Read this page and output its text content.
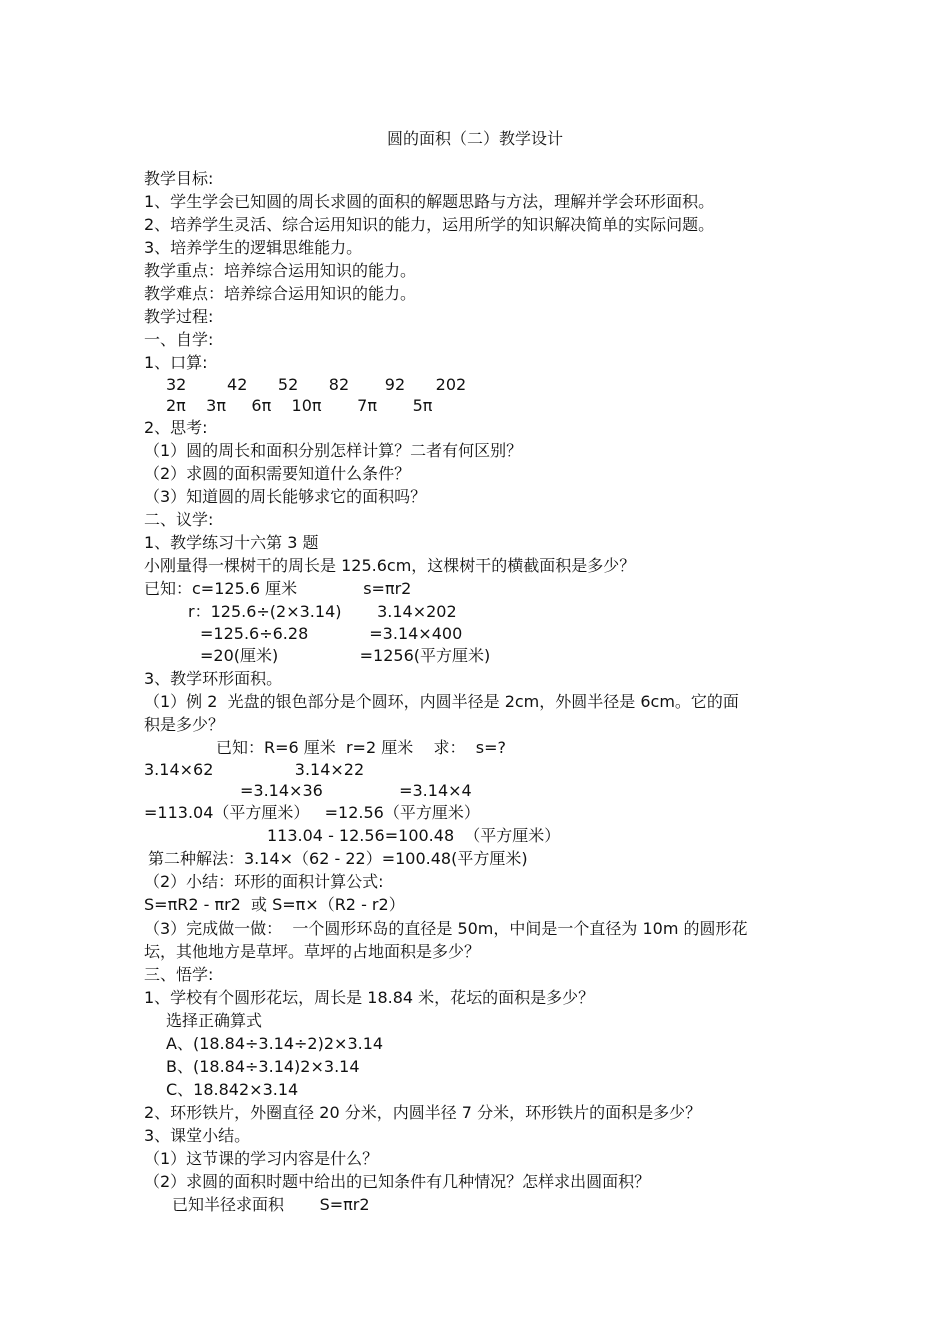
圆的面积（二）教学设计
教学目标:
1、学生学会已知圆的周长求圆的面积的解题思路与方法，理解并学会环形面积。
2、培养学生灵活、综合运用知识的能力，运用所学的知识解决简单的实际问题。
3、培养学生的逻辑思维能力。
教学重点：培养综合运用知识的能力。
教学难点：培养综合运用知识的能力。
教学过程:
一、自学:
1、口算:
32        42      52      82       92      202
2π    3π     6π    10π       7π       5π
2、思考:
（1）圆的周长和面积分别怎样计算？二者有何区别？
（2）求圆的面积需要知道什么条件？
（3）知道圆的周长能够求它的面积吗？
二、议学:
1、教学练习十六第 3 题
小刚量得一棵树干的周长是 125.6cm，这棵树干的横截面积是多少？
已知：c=125.6 厘米             s=πr2
r：125.6÷(2×3.14)       3.14×202
=125.6÷6.28            =3.14×400
=20(厘米)                =1256(平方厘米)
3、教学环形面积。
（1）例 2  光盘的银色部分是个圆环，内圆半径是 2cm，外圆半径是 6cm。它的面
积是多少？
已知：R=6 厘米  r=2 厘米    求：  s=?
3.14×62                3.14×22
=3.14×36               =3.14×4
=113.04（平方厘米）   =12.56（平方厘米）
113.04 - 12.56=100.48  （平方厘米）
第二种解法：3.14×（62 - 22）=100.48(平方厘米)
（2）小结：环形的面积计算公式:
S=πR2 - πr2  或 S=π×（R2 - r2）
（3）完成做一做：  一个圆形环岛的直径是 50m，中间是一个直径为 10m 的圆形花
坛，其他地方是草坪。草坪的占地面积是多少？
三、悟学:
1、学校有个圆形花坛，周长是 18.84 米，花坛的面积是多少？
选择正确算式
A、(18.84÷3.14÷2)2×3.14
B、(18.84÷3.14)2×3.14
C、18.842×3.14
2、环形铁片，外圈直径 20 分米，内圆半径 7 分米，环形铁片的面积是多少？
3、课堂小结。
（1）这节课的学习内容是什么？
（2）求圆的面积时题中给出的已知条件有几种情况？怎样求出圆面积？
已知半径求面积       S=πr2
